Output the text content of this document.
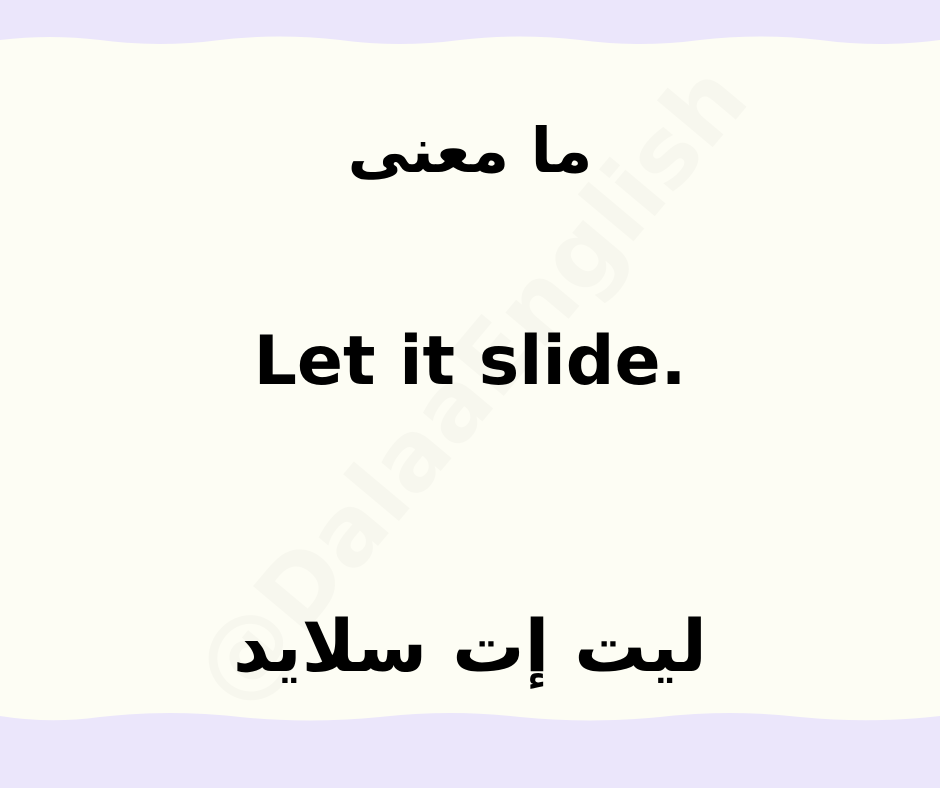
ما معنى
Let it slide.
ليت إت سلايد
